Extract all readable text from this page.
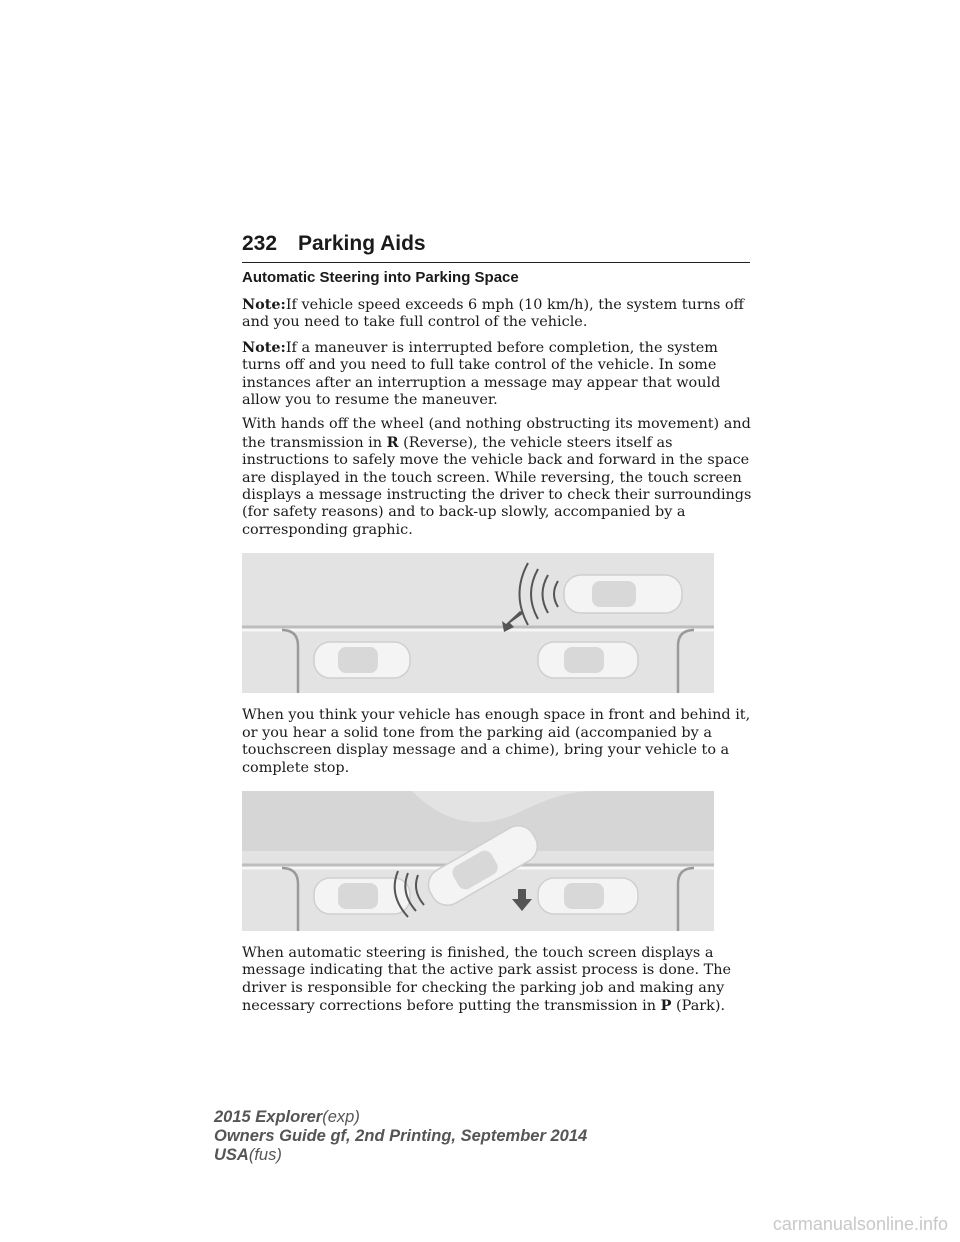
232 Parking Aids
Automatic Steering into Parking Space

Note:If vehicle speed exceeds 6 mph (10 km/h), the system turns off and you need to take full control of the vehicle.

Note:If a maneuver is interrupted before completion, the system turns off and you need to full take control of the vehicle. In some instances after an interruption a message may appear that would allow you to resume the maneuver.

With hands off the wheel (and nothing obstructing its movement) and the transmission in R (Reverse), the vehicle steers itself as instructions to safely move the vehicle back and forward in the space are displayed in the touch screen. While reversing, the touch screen displays a message instructing the driver to check their surroundings (for safety reasons) and to back-up slowly, accompanied by a corresponding graphic.

When you think your vehicle has enough space in front and behind it, or you hear a solid tone from the parking aid (accompanied by a touchscreen display message and a chime), bring your vehicle to a complete stop.

When automatic steering is finished, the touch screen displays a message indicating that the active park assist process is done. The driver is responsible for checking the parking job and making any necessary corrections before putting the transmission in P (Park).

2015 Explorer(exp)
Owners Guide gf, 2nd Printing, September 2014
USA(fus)
carmanualsonline.info
